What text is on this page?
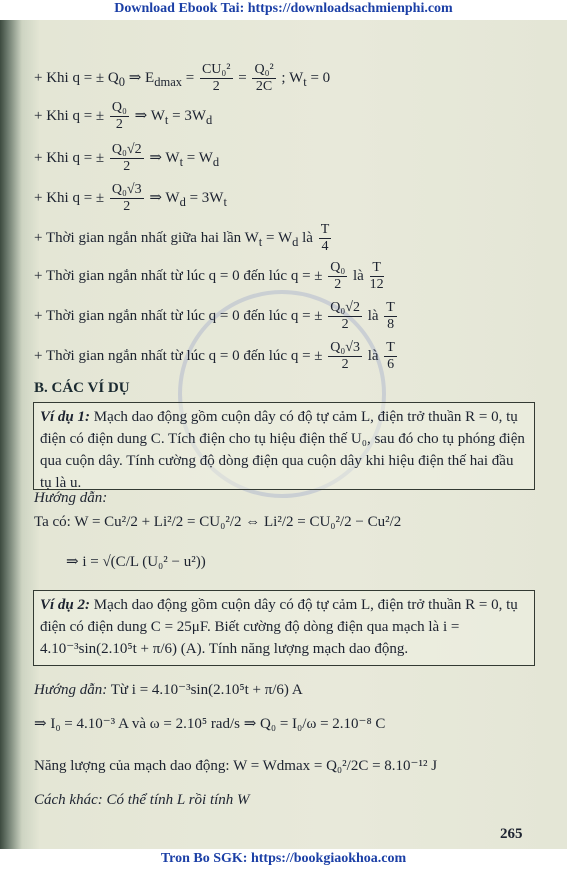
Download Ebook Tai: https://downloadsachmienphi.com
+ Khi q = ± $Q_0$ ⇒ $E_{dmax} = \frac{\text{CU₀²}}{2} = \frac{\text{Q₀²}}{2C}$ ; $W_t = 0$
+ Khi q = ± $\frac{\text{Q₀}}{2}$ ⇒ $W_t = 3W_d$
+ Khi q = ± $\frac{\text{Q₀√2}}{2}$ ⇒ $W_t = W_d$
+ Khi q = ± $\frac{\text{Q₀√3}}{2}$ ⇒ $W_d = 3W_t$
+ Thời gian ngắn nhất giữa hai lần $W_t = W_d$ là $\frac{T}{4}$
+ Thời gian ngắn nhất từ lúc q = 0 đến lúc q = ± $\frac{\text{Q₀}}{2}$ là $\frac{T}{12}$
+ Thời gian ngắn nhất từ lúc q = 0 đến lúc q = ± $\frac{\text{Q₀√2}}{2}$ là $\frac{T}{8}$
+ Thời gian ngắn nhất từ lúc q = 0 đến lúc q = ± $\frac{\text{Q₀√3}}{2}$ là $\frac{T}{6}$
B. CÁC VÍ DỤ
Ví dụ 1: Mạch dao động gồm cuộn dây có độ tự cảm L, điện trở thuần R = 0, tụ điện có điện dung C. Tích điện cho tụ hiệu điện thế U₀, sau đó cho tụ phóng điện qua cuộn dây. Tính cường độ dòng điện qua cuộn dây khi hiệu điện thế hai đầu tụ là u.
Hướng dẫn:
Ta có: W = Cu²/2 + Li²/2 = CU₀²/2 ⇔ Li²/2 = CU₀²/2 − Cu²/2
⇒ i = √(C/L (U₀² − u²))
Ví dụ 2: Mạch dao động gồm cuộn dây có độ tự cảm L, điện trở thuần R = 0, tụ điện có điện dung C = 25μF. Biết cường độ dòng điện qua mạch là i = 4.10⁻³sin(2.10⁵t + π/6) (A). Tính năng lượng mạch dao động.
Hướng dẫn: Từ i = 4.10⁻³sin(2.10⁵t + π/6) A
⇒ I₀ = 4.10⁻³ A và ω = 2.10⁵ rad/s ⇒ Q₀ = I₀/ω = 2.10⁻⁸ C
Năng lượng của mạch dao động: W = Wdmax = Q₀²/2C = 8.10⁻¹² J
Cách khác: Có thể tính L rồi tính W
265
Tron Bo SGK: https://bookgiaokhoa.com
